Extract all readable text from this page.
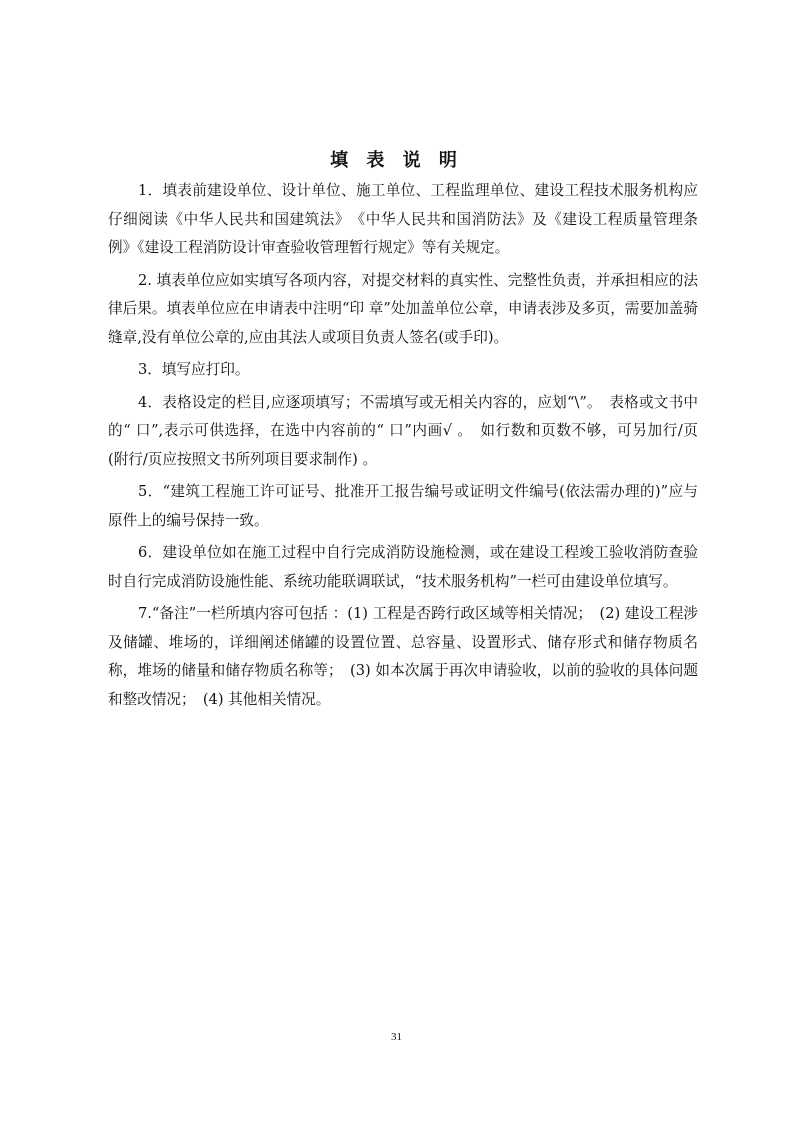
填 表 说 明

1．填表前建设单位、设计单位、施工单位、工程监理单位、建设工程技术服务机构应仔细阅读《中华人民共和国建筑法》　《中华人民共和国消防法》及《建设工程质量管理条例》《建设工程消防设计审查验收管理暂行规定》等有关规定。

2. 填表单位应如实填写各项内容，对提交材料的真实性、完整性负责，并承担相应的法律后果。填表单位应在申请表中注明“印 章”处加盖单位公章，申请表涉及多页，需要加盖骑缝章,没有单位公章的,应由其法人或项目负责人签名(或手印)。

3．填写应打印。

4．表格设定的栏目,应逐项填写；不需填写或无相关内容的，应划“\”。　表格或文书中的“ 口”,表示可供选择，在选中内容前的“ 口”内画√ 。　如行数和页数不够，可另加行/页 (附行/页应按照文书所列项目要求制作) 。

5．“建筑工程施工许可证号、批准开工报告编号或证明文件编号(依法需办理的)”应与原件上的编号保持一致。

6．建设单位如在施工过程中自行完成消防设施检测，或在建设工程竣工验收消防查验时自行完成消防设施性能、系统功能联调联试，“技术服务机构”一栏可由建设单位填写。

7.“备注”一栏所填内容可包括 ：(1) 工程是否跨行政区域等相关情况；　(2) 建设工程涉及储罐、堆场的，详细阐述储罐的设置位置、总容量、设置形式、储存形式和储存物质名称，堆场的储量和储存物质名称等；　(3) 如本次属于再次申请验收，以前的验收的具体问题和整改情况；　(4) 其他相关情况。

31
